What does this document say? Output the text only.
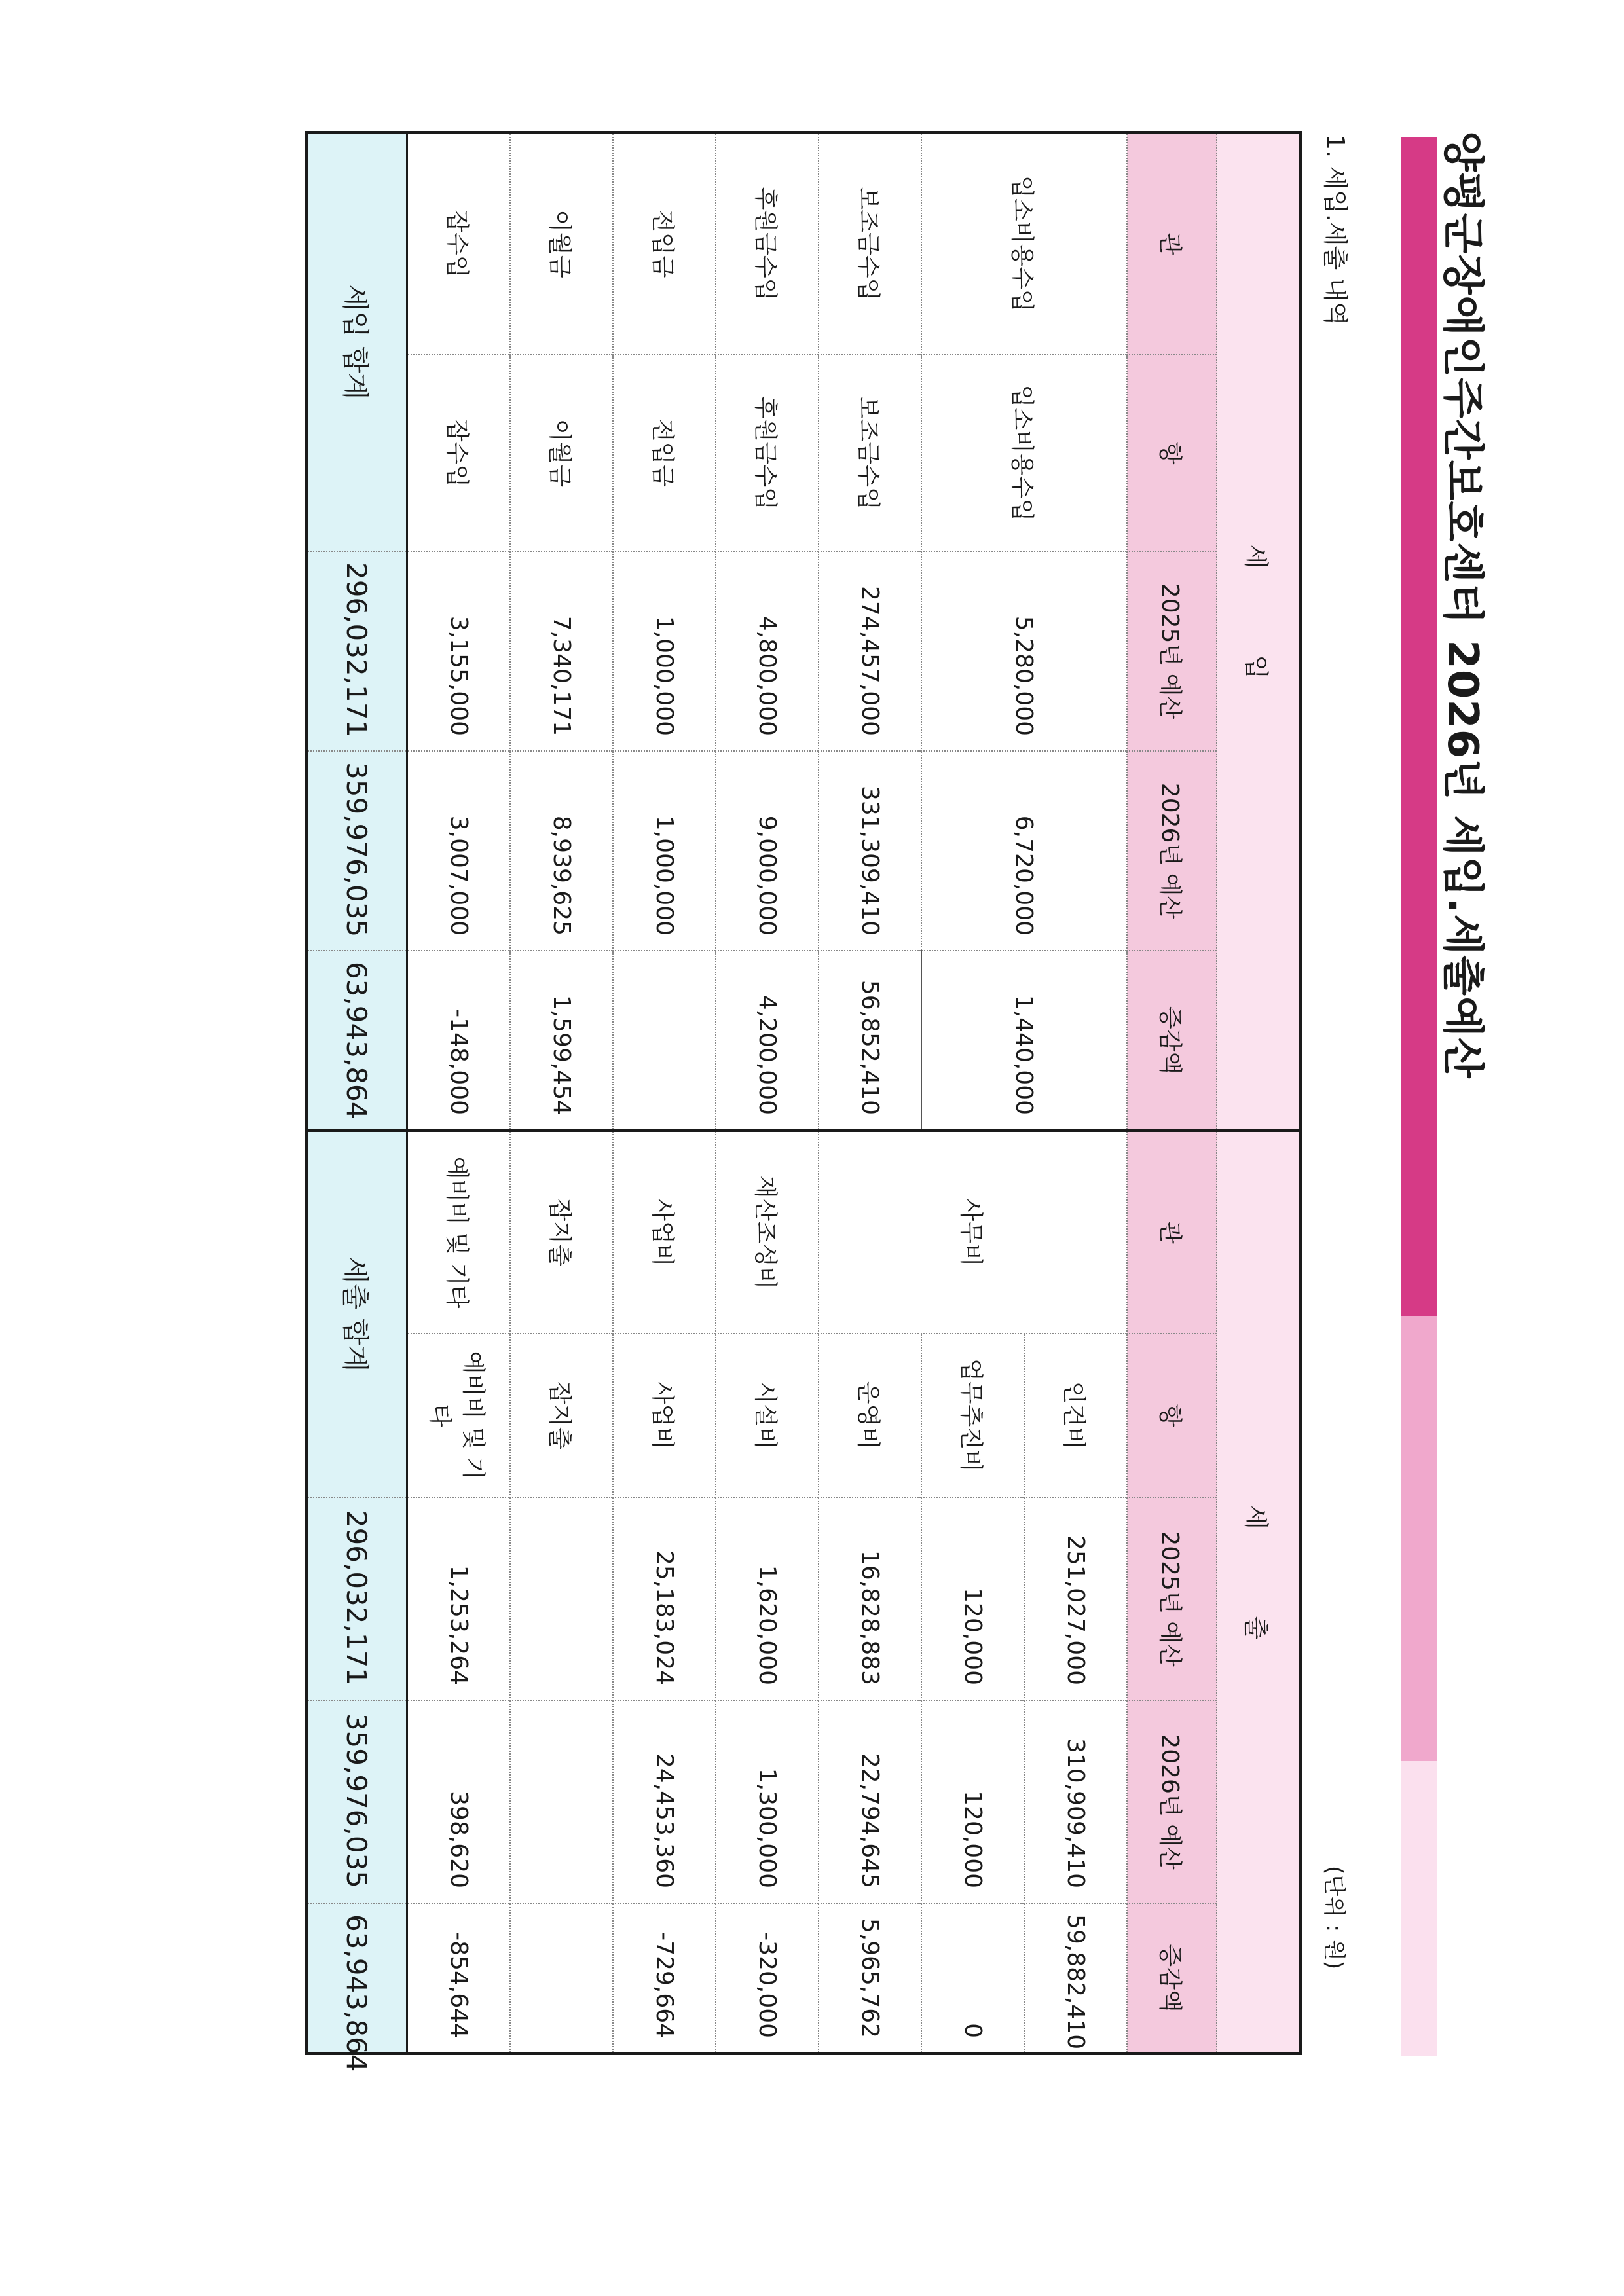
양평군장애인주간보호센터 2026년 세입.세출예산

1. 세입.세출 내역

(단위 : 원)

세 입					세 출				
관	항	2025년 예산	2026년 예산	증감액	관	항	2025년 예산	2026년 예산	증감액
입소비용수입	입소비용수입	5,280,000	6,720,000	1,440,000	사무비	인건비	251,027,000	310,909,410	59,882,410
						업무추진비	120,000	120,000	0
보조금수입	보조금수입	274,457,000	331,309,410	56,852,410		운영비	16,828,883	22,794,645	5,965,762
후원금수입	후원금수입	4,800,000	9,000,000	4,200,000	재산조성비	시설비	1,620,000	1,300,000	-320,000
전입금	전입금	1,000,000	1,000,000		사업비	사업비	25,183,024	24,453,360	-729,664
이월금	이월금	7,340,171	8,939,625	1,599,454	잡지출	잡지출			
잡수입	잡수입	3,155,000	3,007,000	-148,000	예비비 및 기타	예비비 및 기타	1,253,264	398,620	-854,644
세입 합계		296,032,171	359,976,035	63,943,864	세출 합계		296,032,171	359,976,035	63,943,864
